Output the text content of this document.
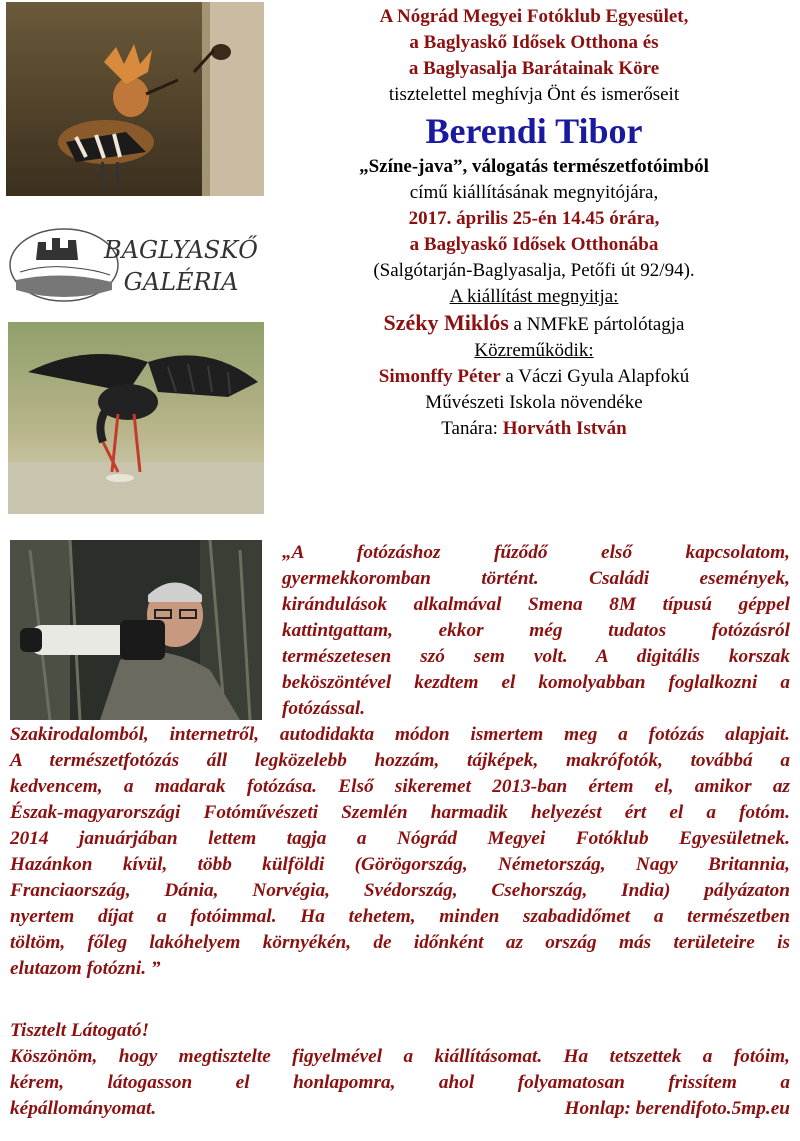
BAGLYASKŐ
GALÉRIA
A Nógrád Megyei Fotóklub Egyesület,
a Baglyaskő Idősek Otthona és
a Baglyasalja Barátainak Köre
tisztelettel meghívja Önt és ismerőseit
Berendi Tibor
„Színe-java”, válogatás természetfotóimból
című kiállításának megnyitójára,
2017. április 25-én 14.45 órára,
a Baglyaskő Idősek Otthonába
(Salgótarján-Baglyasalja, Petőfi út 92/94).
A kiállítást megnyitja:
Széky Miklós a NMFkE pártolótagja
Közreműködik:
Simonffy Péter a Váczi Gyula Alapfokú
Művészeti Iskola növendéke
Tanára: Horváth István
„A fotózáshoz fűződő első kapcsolatom,
gyermekkoromban történt. Családi események,
kirándulások alkalmával Smena 8M típusú géppel
kattintgattam, ekkor még tudatos fotózásról
természetesen szó sem volt. A digitális korszak
beköszöntével kezdtem el komolyabban foglalkozni a
fotózással.
Szakirodalomból, internetről, autodidakta módon ismertem meg a fotózás alapjait.
A természetfotózás áll legközelebb hozzám, tájképek, makrófotók, továbbá a
kedvencem, a madarak fotózása. Első sikeremet 2013-ban értem el, amikor az
Észak-magyarországi Fotóművészeti Szemlén harmadik helyezést ért el a fotóm.
2014 januárjában lettem tagja a Nógrád Megyei Fotóklub Egyesületnek.
Hazánkon kívül, több külföldi (Görögország, Németország, Nagy Britannia,
Franciaország, Dánia, Norvégia, Svédország, Csehország, India) pályázaton
nyertem díjat a fotóimmal. Ha tehetem, minden szabadidőmet a természetben
töltöm, főleg lakóhelyem környékén, de időnként az ország más területeire is
elutazom fotózni. ”
Tisztelt Látogató!
Köszönöm, hogy megtisztelte figyelmével a kiállításomat. Ha tetszettek a fotóim,
kérem, látogasson el honlapomra, ahol folyamatosan frissítem a
képállományomat.	Honlap: berendifoto.5mp.eu
